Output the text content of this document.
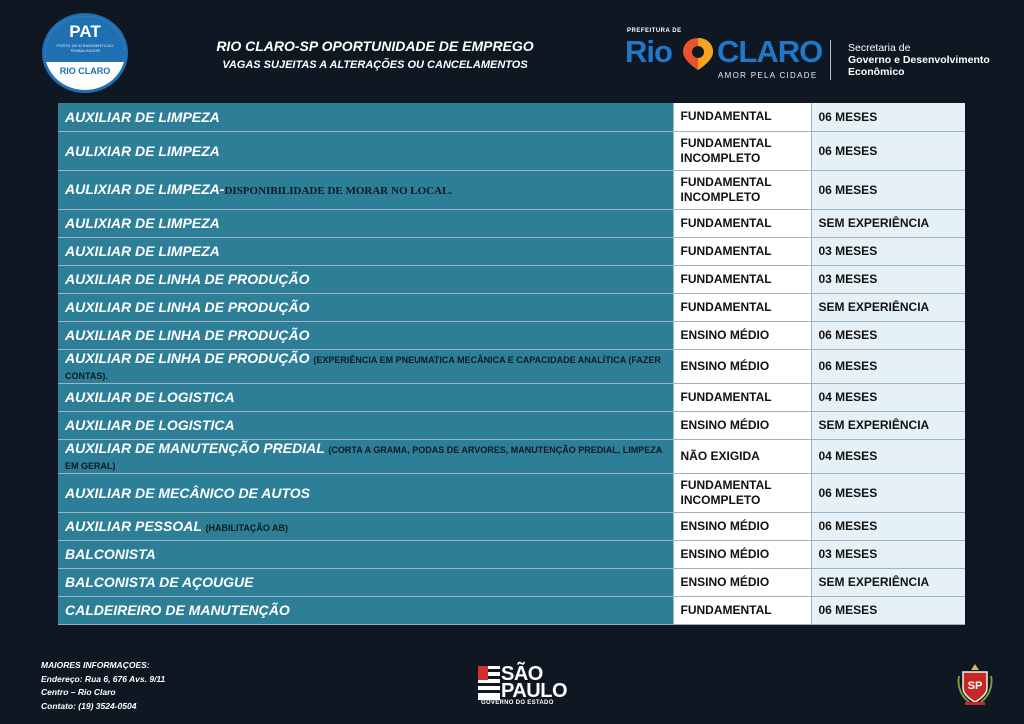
PAT
POSTO DE ATENDIMENTO AO TRABALHADOR
RIO CLARO
RIO CLARO-SP OPORTUNIDADE DE EMPREGO
VAGAS SUJEITAS A ALTERAÇÕES OU CANCELAMENTOS
PREFEITURA DE
Rio CLARO
AMOR PELA CIDADE
Secretaria de
Governo e Desenvolvimento
Econômico
AUXILIAR DE LIMPEZA	FUNDAMENTAL	06 MESES
AULIXIAR DE LIMPEZA	FUNDAMENTAL INCOMPLETO	06 MESES
AULIXIAR DE LIMPEZA-DISPONIBILIDADE DE MORAR NO LOCAL.	FUNDAMENTAL INCOMPLETO	06 MESES
AULIXIAR DE LIMPEZA	FUNDAMENTAL	SEM EXPERIÊNCIA
AUXILIAR DE LIMPEZA	FUNDAMENTAL	03 MESES
AUXILIAR DE LINHA DE PRODUÇÃO	FUNDAMENTAL	03 MESES
AUXILIAR DE LINHA DE PRODUÇÃO	FUNDAMENTAL	SEM EXPERIÊNCIA
AUXILIAR DE LINHA DE PRODUÇÃO	ENSINO MÉDIO	06 MESES
AUXILIAR DE LINHA DE PRODUÇÃO (EXPERIÊNCIA EM PNEUMATICA MECÂNICA E CAPACIDADE ANALÍTICA (FAZER CONTAS).	ENSINO MÉDIO	06 MESES
AUXILIAR DE LOGISTICA	FUNDAMENTAL	04 MESES
AUXILIAR DE LOGISTICA	ENSINO MÉDIO	SEM EXPERIÊNCIA
AUXILIAR DE MANUTENÇÃO PREDIAL (CORTA A GRAMA, PODAS DE ARVORES, MANUTENÇÃO PREDIAL, LIMPEZA EM GERAL)	NÃO EXIGIDA	04 MESES
AUXILIAR DE MECÂNICO DE AUTOS	FUNDAMENTAL INCOMPLETO	06 MESES
AUXILIAR PESSOAL (HABILITAÇÃO AB)	ENSINO MÉDIO	06 MESES
BALCONISTA	ENSINO MÉDIO	03 MESES
BALCONISTA DE AÇOUGUE	ENSINO MÉDIO	SEM EXPERIÊNCIA
CALDEIREIRO DE MANUTENÇÃO	FUNDAMENTAL	06 MESES
MAIORES INFORMAÇOES:
Endereço: Rua 6, 676 Avs. 9/11
Centro – Rio Claro
Contato: (19) 3524-0504
SÃO
PAULO
GOVERNO DO ESTADO
SP
